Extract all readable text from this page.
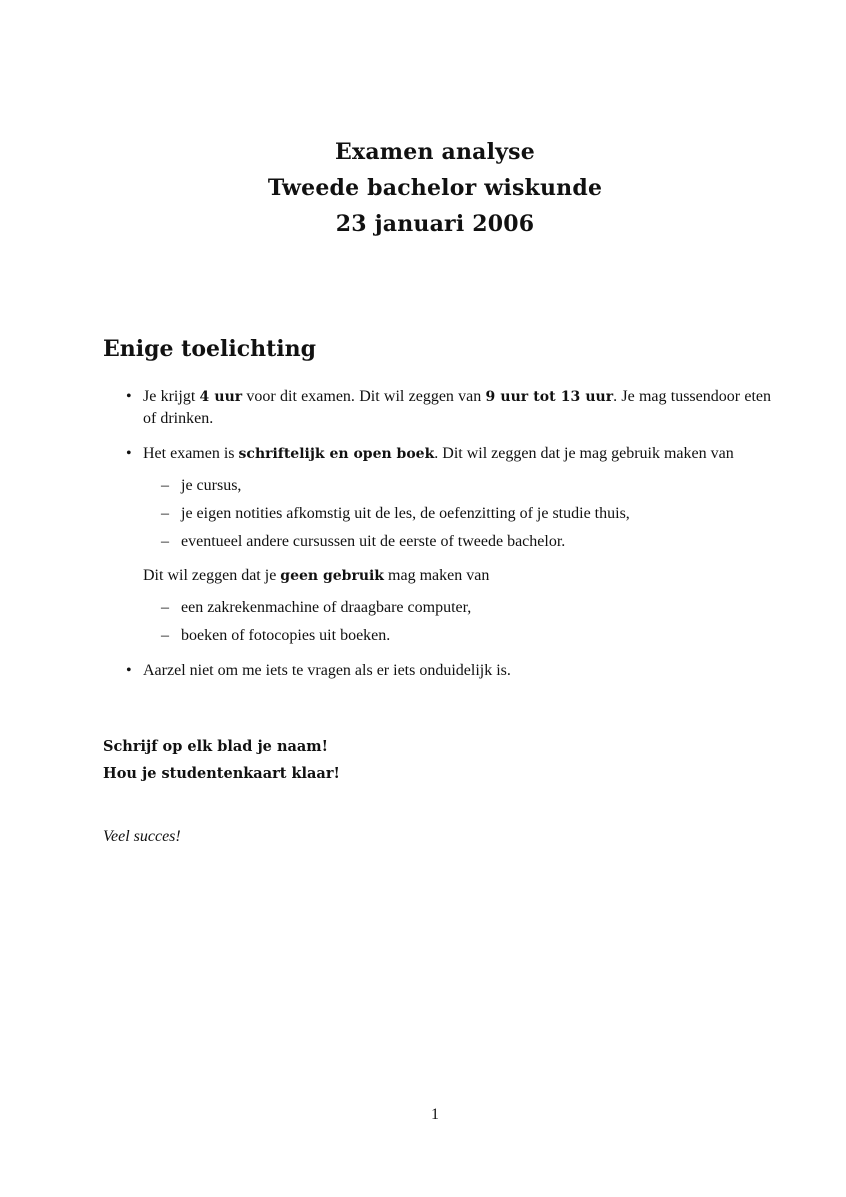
Examen analyse
Tweede bachelor wiskunde
23 januari 2006
Enige toelichting
• Je krijgt 4 uur voor dit examen. Dit wil zeggen van 9 uur tot 13 uur. Je mag tussendoor eten of drinken.
• Het examen is schriftelijk en open boek. Dit wil zeggen dat je mag gebruik maken van
– je cursus,
– je eigen notities afkomstig uit de les, de oefenzitting of je studie thuis,
– eventueel andere cursussen uit de eerste of tweede bachelor.

Dit wil zeggen dat je geen gebruik mag maken van

– een zakrekenmachine of draagbare computer,
– boeken of fotocopies uit boeken.
• Aarzel niet om me iets te vragen als er iets onduidelijk is.
Schrijf op elk blad je naam!
Hou je studentenkaart klaar!
Veel succes!
1
